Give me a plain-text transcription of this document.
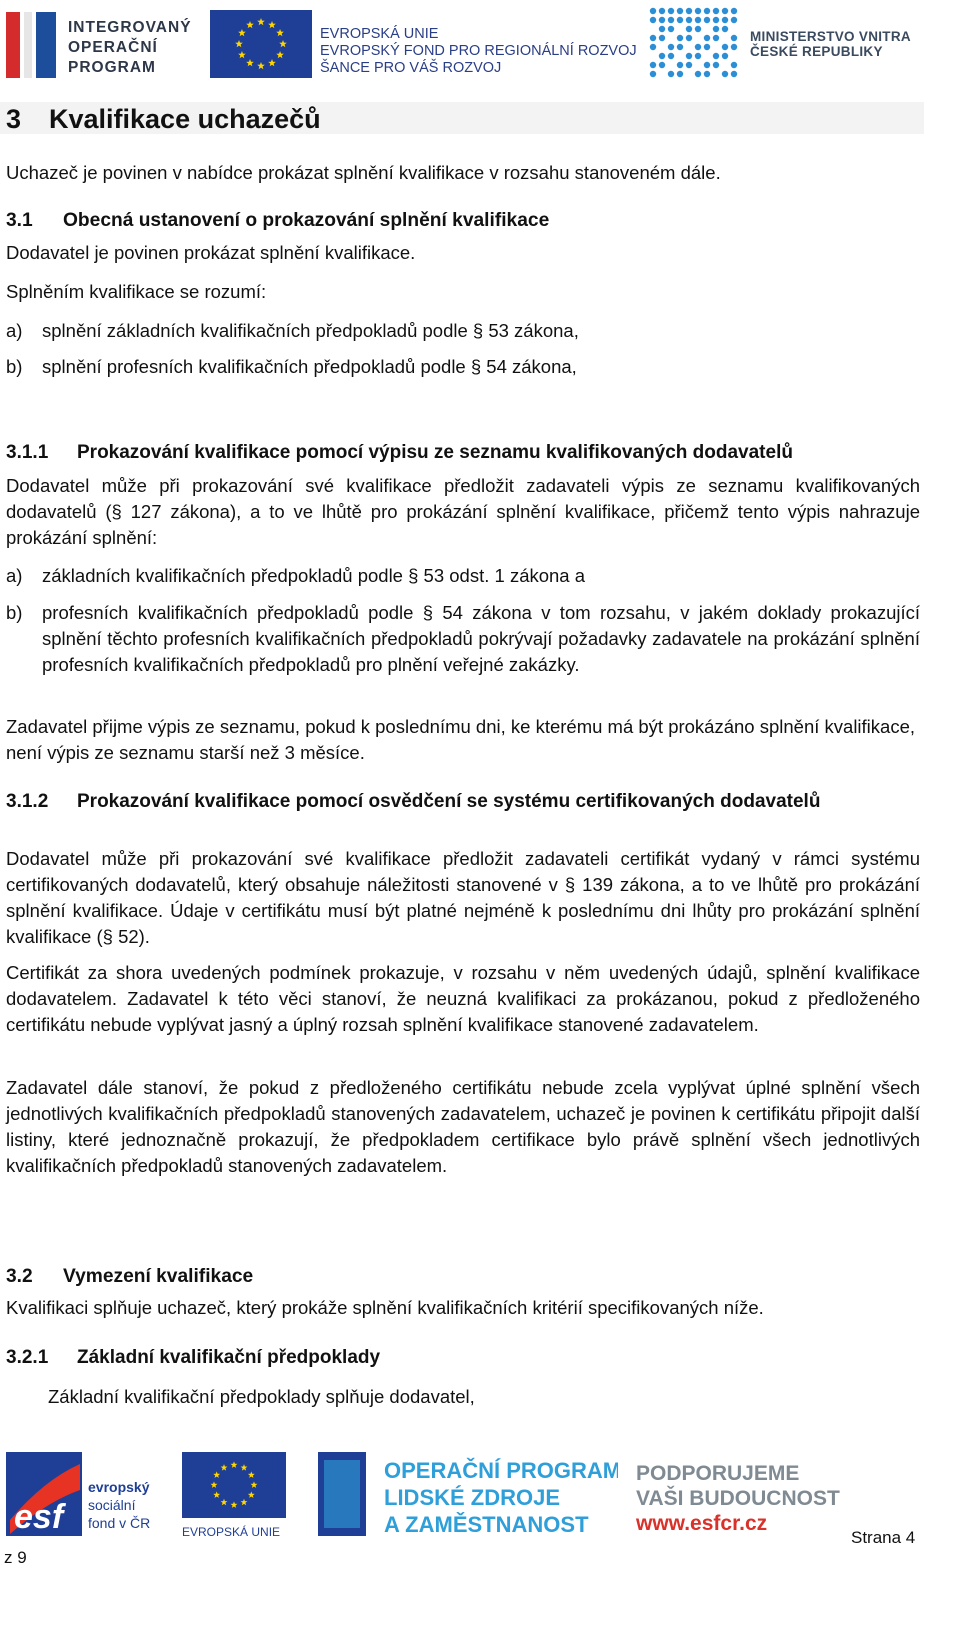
INTEGROVANÝ
OPERAČNÍ
PROGRAM
EVROPSKÁ UNIE
EVROPSKÝ FOND PRO REGIONÁLNÍ ROZVOJ
ŠANCE PRO VÁŠ ROZVOJ
MINISTERSTVO VNITRA
ČESKÉ REPUBLIKY
3 Kvalifikace uchazečů

Uchazeč je povinen v nabídce prokázat splnění kvalifikace v rozsahu stanoveném dále.

3.1 Obecná ustanovení o prokazování splnění kvalifikace

Dodavatel je povinen prokázat splnění kvalifikace.

Splněním kvalifikace se rozumí:

a) splnění základních kvalifikačních předpokladů podle § 53 zákona,
b) splnění profesních kvalifikačních předpokladů podle § 54 zákona,
3.1.1 Prokazování kvalifikace pomocí výpisu ze seznamu kvalifikovaných dodavatelů

Dodavatel může při prokazování své kvalifikace předložit zadavateli výpis ze seznamu kvalifikovaných dodavatelů (§ 127 zákona), a to ve lhůtě pro prokázání splnění kvalifikace, přičemž tento výpis nahrazuje prokázání splnění:

a) základních kvalifikačních předpokladů podle § 53 odst. 1 zákona a
b) profesních kvalifikačních předpokladů podle § 54 zákona v tom rozsahu, v jakém doklady prokazující splnění těchto profesních kvalifikačních předpokladů pokrývají požadavky zadavatele na prokázání splnění profesních kvalifikačních předpokladů pro plnění veřejné zakázky.

Zadavatel přijme výpis ze seznamu, pokud k poslednímu dni, ke kterému má být prokázáno splnění kvalifikace, není výpis ze seznamu starší než 3 měsíce.

3.1.2 Prokazování kvalifikace pomocí osvědčení se systému certifikovaných dodavatelů

Dodavatel může při prokazování své kvalifikace předložit zadavateli certifikát vydaný v rámci systému certifikovaných dodavatelů, který obsahuje náležitosti stanovené v § 139 zákona, a to ve lhůtě pro prokázání splnění kvalifikace. Údaje v certifikátu musí být platné nejméně k poslednímu dni lhůty pro prokázání splnění kvalifikace (§ 52).

Certifikát za shora uvedených podmínek prokazuje, v rozsahu v něm uvedených údajů, splnění kvalifikace dodavatelem. Zadavatel k této věci stanoví, že neuzná kvalifikaci za prokázanou, pokud z předloženého certifikátu nebude vyplývat jasný a úplný rozsah splnění kvalifikace stanovené zadavatelem.

Zadavatel dále stanoví, že pokud z předloženého certifikátu nebude zcela vyplývat úplné splnění všech jednotlivých kvalifikačních předpokladů stanovených zadavatelem, uchazeč je povinen k certifikátu připojit další listiny, které jednoznačně prokazují, že předpokladem certifikace bylo právě splnění všech jednotlivých kvalifikačních předpokladů stanovených zadavatelem.

3.2 Vymezení kvalifikace

Kvalifikaci splňuje uchazeč, který prokáže splnění kvalifikačních kritérií specifikovaných níže.

3.2.1 Základní kvalifikační předpoklady

Základní kvalifikační předpoklady splňuje dodavatel,

esf
evropský
sociální
fond v ČR
EVROPSKÁ UNIE
OPERAČNÍ PROGRAM
LIDSKÉ ZDROJE
A ZAMĚSTNANOST
PODPORUJEME
VAŠI BUDOUCNOST
www.esfcr.cz
Strana 4
z 9
